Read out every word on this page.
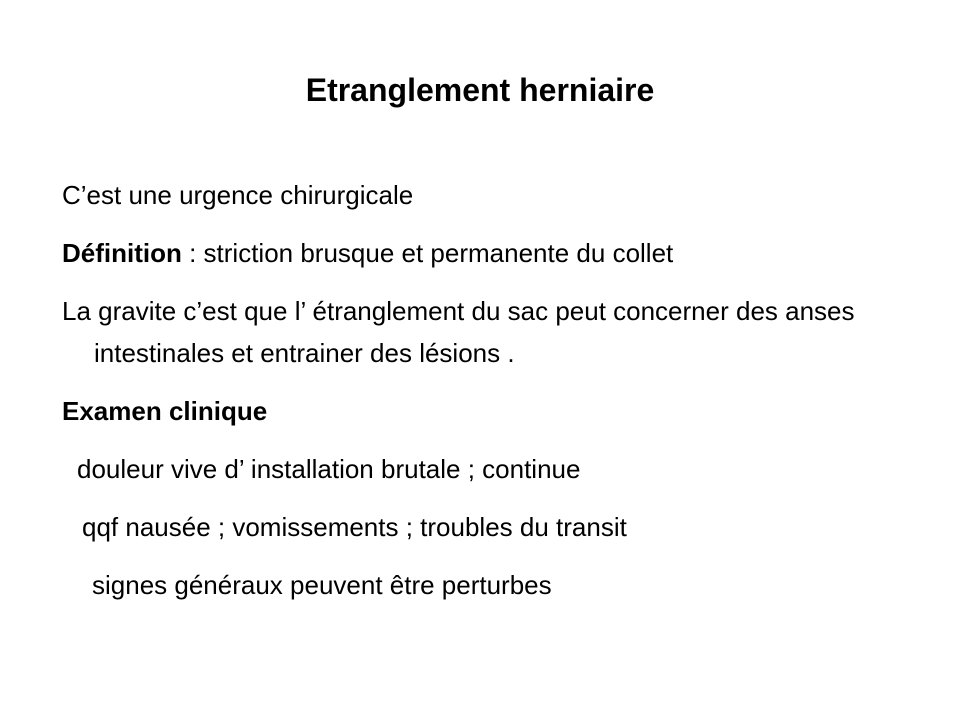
Etranglement herniaire

C’est une urgence chirurgicale

Définition : striction brusque et permanente du collet

La gravite c’est que l’ étranglement du sac peut concerner des anses intestinales et entrainer des lésions .

Examen clinique

douleur vive d’ installation brutale ; continue

qqf nausée ; vomissements ; troubles du transit

signes généraux peuvent être perturbes
